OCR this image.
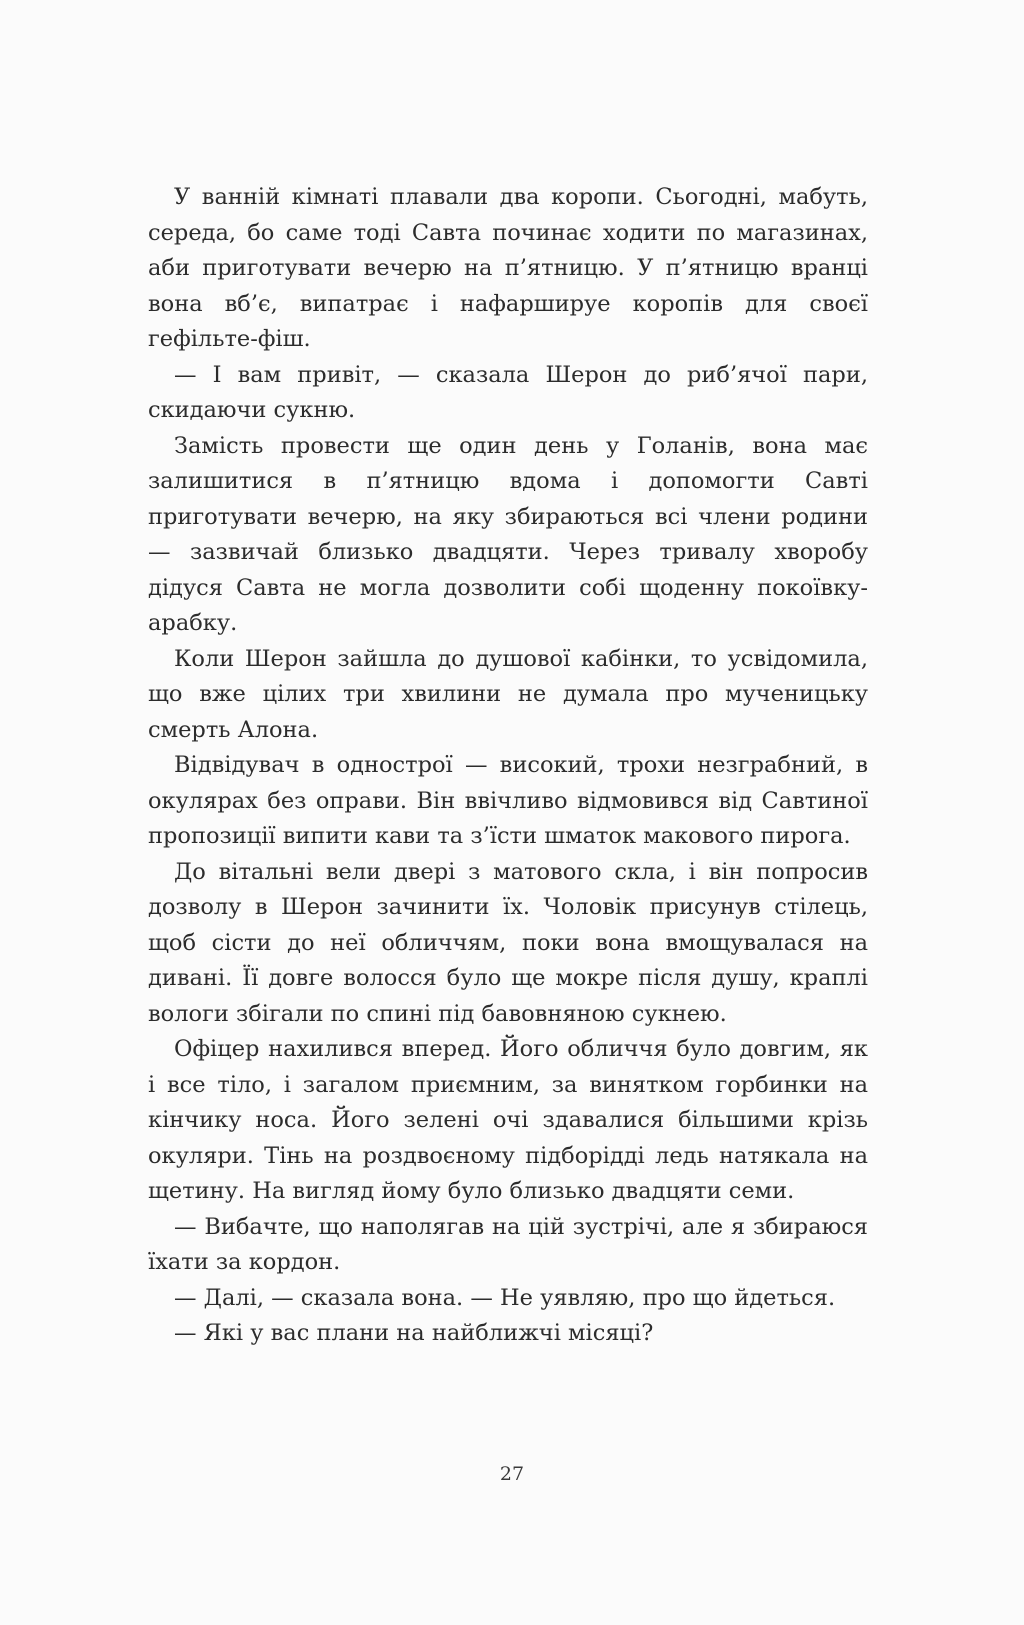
У ванній кімнаті плавали два коропи. Сьогодні, мабуть, середа, бо саме тоді Савта починає ходити по магазинах, аби приготувати вечерю на п’ятницю. У п’ятницю вранці вона вб’є, випатрає і нафаршируе коропів для своєї гефільте-фіш.

— І вам привіт, — сказала Шерон до риб’ячої пари, скидаючи сукню.

Замість провести ще один день у Голанів, вона має залишитися в п’ятницю вдома і допомогти Савті приготувати вечерю, на яку збираються всі члени родини — зазвичай близько двадцяти. Через тривалу хворобу дідуся Савта не могла дозволити собі щоденну покоївку-арабку.

Коли Шерон зайшла до душової кабінки, то усвідомила, що вже цілих три хвилини не думала про мученицьку смерть Алона.

Відвідувач в однострої — високий, трохи незграбний, в окулярах без оправи. Він ввічливо відмовився від Савтиної пропозиції випити кави та з’їсти шматок макового пирога.

До вітальні вели двері з матового скла, і він попросив дозволу в Шерон зачинити їх. Чоловік присунув стілець, щоб сісти до неї обличчям, поки вона вмощувалася на дивані. Її довге волосся було ще мокре після душу, краплі вологи збігали по спині під бавовняною сукнею.

Офіцер нахилився вперед. Його обличчя було довгим, як і все тіло, і загалом приємним, за винятком горбинки на кінчику носа. Його зелені очі здавалися більшими крізь окуляри. Тінь на роздвоєному підборідді ледь натякала на щетину. На вигляд йому було близько двадцяти семи.

— Вибачте, що наполягав на цій зустрічі, але я збираюся їхати за кордон.

— Далі, — сказала вона. — Не уявляю, про що йдеться.

— Які у вас плани на найближчі місяці?

27
